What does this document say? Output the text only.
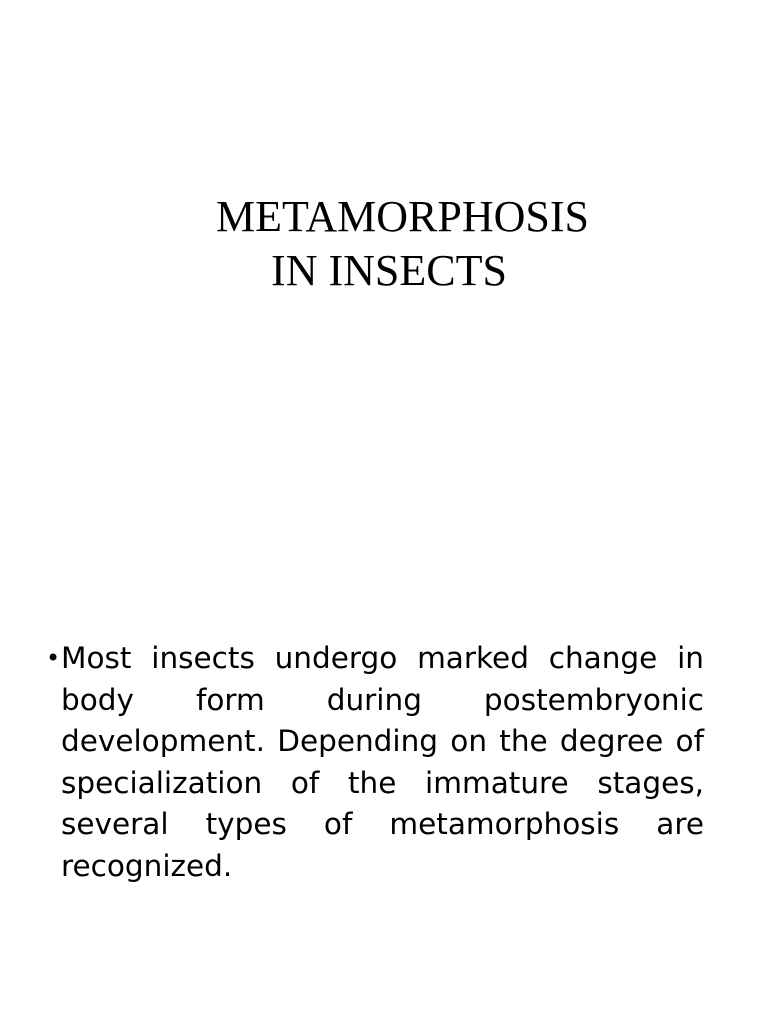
METAMORPHOSIS
IN INSECTS
• Most insects undergo marked change in body form during postembryonic development. Depending on the degree of specialization of the immature stages, several types of metamorphosis are recognized.
